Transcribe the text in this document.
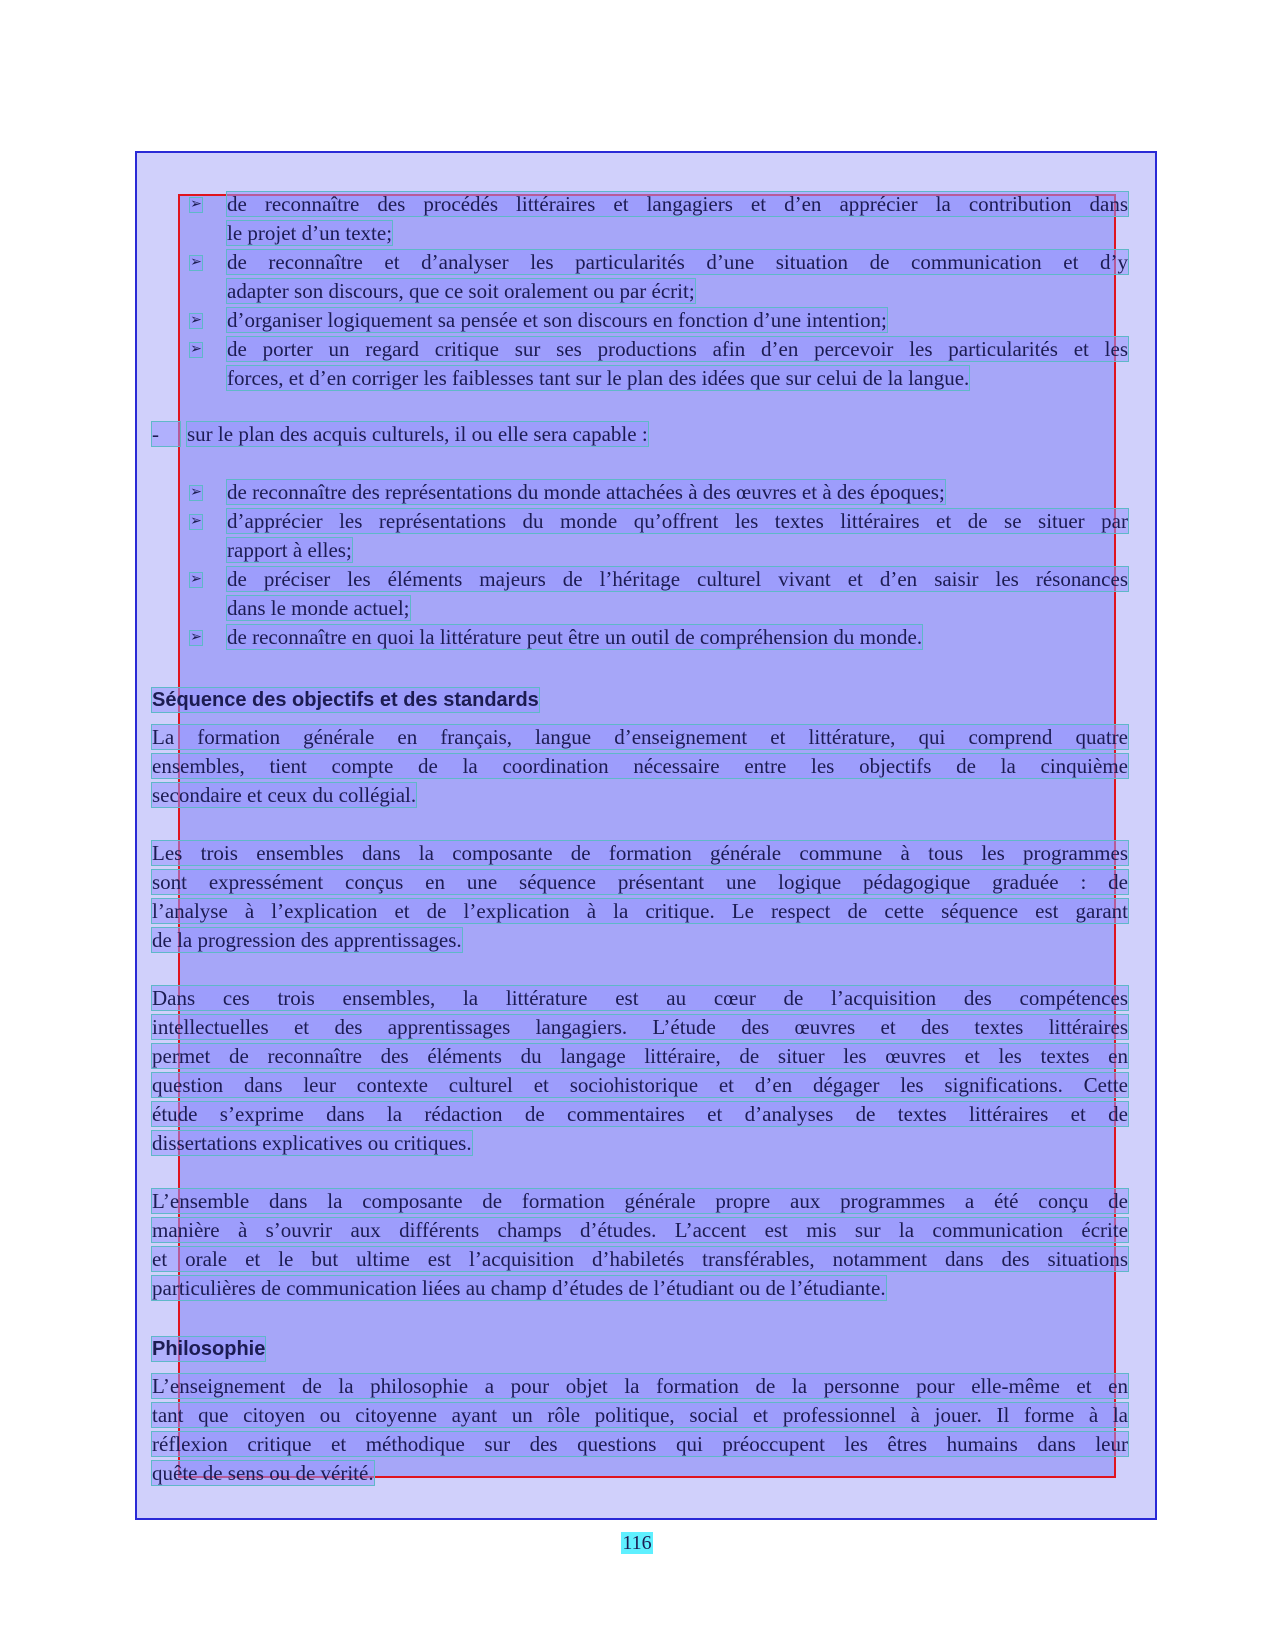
➢ de reconnaître des procédés littéraires et langagiers et d’en apprécier la contribution dans
le projet d’un texte;
➢ de reconnaître et d’analyser les particularités d’une situation de communication et d’y
adapter son discours, que ce soit oralement ou par écrit;
➢ d’organiser logiquement sa pensée et son discours en fonction d’une intention;
➢ de porter un regard critique sur ses productions afin d’en percevoir les particularités et les
forces, et d’en corriger les faiblesses tant sur le plan des idées que sur celui de la langue.
-	sur le plan des acquis culturels, il ou elle sera capable :
➢ de reconnaître des représentations du monde attachées à des œuvres et à des époques;
➢ d’apprécier les représentations du monde qu’offrent les textes littéraires et de se situer par
rapport à elles;
➢ de préciser les éléments majeurs de l’héritage culturel vivant et d’en saisir les résonances
dans le monde actuel;
➢ de reconnaître en quoi la littérature peut être un outil de compréhension du monde.
Séquence des objectifs et des standards
La formation générale en français, langue d’enseignement et littérature, qui comprend quatre
ensembles, tient compte de la coordination nécessaire entre les objectifs de la cinquième
secondaire et ceux du collégial.
Les trois ensembles dans la composante de formation générale commune à tous les programmes
sont expressément conçus en une séquence présentant une logique pédagogique graduée : de
l’analyse à l’explication et de l’explication à la critique. Le respect de cette séquence est garant
de la progression des apprentissages.
Dans ces trois ensembles, la littérature est au cœur de l’acquisition des compétences
intellectuelles et des apprentissages langagiers. L’étude des œuvres et des textes littéraires
permet de reconnaître des éléments du langage littéraire, de situer les œuvres et les textes en
question dans leur contexte culturel et sociohistorique et d’en dégager les significations. Cette
étude s’exprime dans la rédaction de commentaires et d’analyses de textes littéraires et de
dissertations explicatives ou critiques.
L’ensemble dans la composante de formation générale propre aux programmes a été conçu de
manière à s’ouvrir aux différents champs d’études. L’accent est mis sur la communication écrite
et orale et le but ultime est l’acquisition d’habiletés transférables, notamment dans des situations
particulières de communication liées au champ d’études de l’étudiant ou de l’étudiante.
Philosophie
L’enseignement de la philosophie a pour objet la formation de la personne pour elle-même et en
tant que citoyen ou citoyenne ayant un rôle politique, social et professionnel à jouer. Il forme à la
réflexion critique et méthodique sur des questions qui préoccupent les êtres humains dans leur
quête de sens ou de vérité.
116
